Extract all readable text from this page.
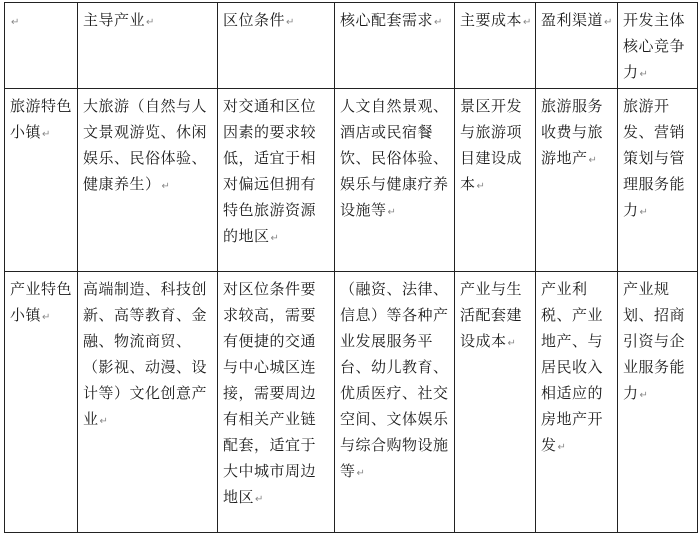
↵	主导产业↵	区位条件↵	核心配套需求↵	主要成本↵	盈利渠道↵	开发主体核心竞争力↵
旅游特色小镇↵	大旅游（自然与人文景观游览、休闲娱乐、民俗体验、健康养生）↵	对交通和区位因素的要求较低，适宜于相对偏远但拥有特色旅游资源的地区↵	人文自然景观、酒店或民宿餐饮、民俗体验、娱乐与健康疗养设施等↵	景区开发与旅游项目建设成本↵	旅游服务收费与旅游地产↵	旅游开发、营销策划与管理服务能力↵
产业特色小镇↵	高端制造、科技创新、高等教育、金融、物流商贸、（影视、动漫、设计等）文化创意产业↵	对区位条件要求较高，需要有便捷的交通与中心城区连接，需要周边有相关产业链配套，适宜于大中城市周边地区↵	（融资、法律、信息）等各种产业发展服务平台、幼儿教育、优质医疗、社交空间、文体娱乐与综合购物设施等↵	产业与生活配套建设成本↵	产业利税、产业地产、与居民收入相适应的房地产开发↵	产业规划、招商引资与企业服务能力↵
